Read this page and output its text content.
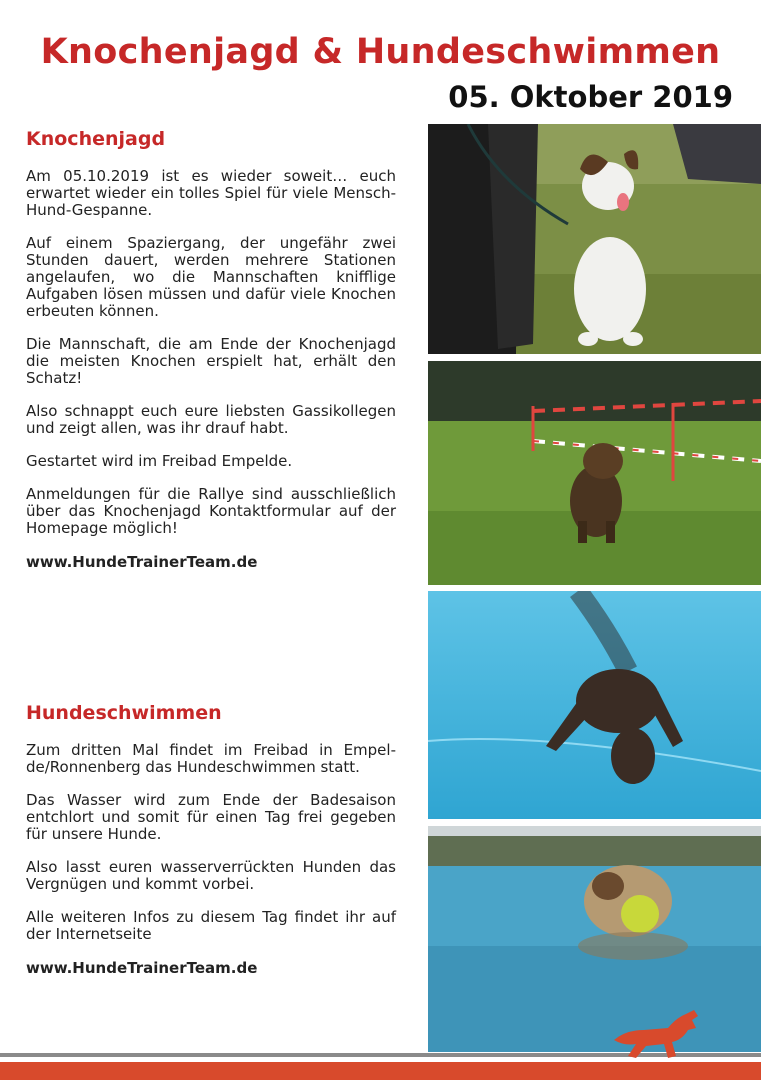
Knochenjagd & Hundeschwimmen
05. Oktober 2019
Knochenjagd

Am 05.10.2019 ist es wieder soweit… euch erwartet wieder ein tolles Spiel für viele Mensch-Hund-Gespanne.

Auf einem Spaziergang, der ungefähr zwei Stunden dauert, werden mehrere Stationen angelaufen, wo die Mannschaften knifflige Aufgaben lösen müssen und dafür viele Knochen erbeuten können.

Die Mannschaft, die am Ende der Knochenjagd die meisten Knochen erspielt hat, erhält den Schatz!

Also schnappt euch eure liebsten Gassikollegen und zeigt allen, was ihr drauf habt.

Gestartet wird im Freibad Empelde.

Anmeldungen für die Rallye sind ausschließlich über das Knochenjagd Kontaktformular auf der Homepage möglich!

www.HundeTrainerTeam.de

Hundeschwimmen

Zum dritten Mal findet im Freibad in Empelde/Ronnenberg das Hundeschwimmen statt.

Das Wasser wird zum Ende der Badesaison entchlort und somit für einen Tag frei gegeben für unsere Hunde.

Also lasst euren wasserverrückten Hunden das Vergnügen und kommt vorbei.

Alle weiteren Infos zu diesem Tag findet ihr auf der Internetseite

www.HundeTrainerTeam.de
